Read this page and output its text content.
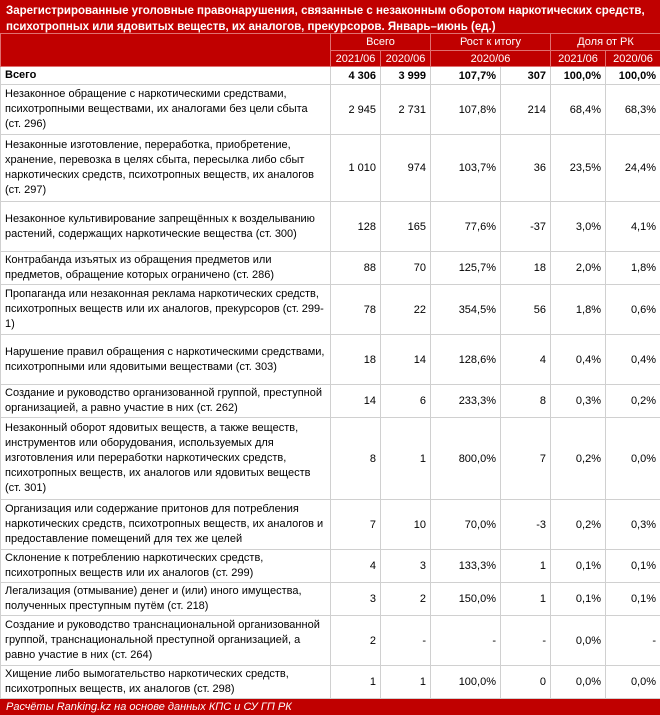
Зарегистрированные уголовные правонарушения, связанные с незаконным оборотом наркотических средств, психотропных или ядовитых веществ, их аналогов, прекурсоров. Январь–июнь (ед.)
	Всего		Рост к итогу		Доля от РК	
	2021/06	2020/06	2020/06		2021/06	2020/06
Всего	4 306	3 999	107,7%	307	100,0%	100,0%
Незаконное обращение с наркотическими средствами, психотропными веществами, их аналогами без цели сбыта (ст. 296)	2 945	2 731	107,8%	214	68,4%	68,3%
Незаконные изготовление, переработка, приобретение, хранение, перевозка в целях сбыта, пересылка либо сбыт наркотических средств, психотропных веществ, их аналогов (ст. 297)	1 010	974	103,7%	36	23,5%	24,4%
Незаконное культивирование запрещённых к возделыванию растений, содержащих наркотические вещества (ст. 300)	128	165	77,6%	-37	3,0%	4,1%
Контрабанда изъятых из обращения предметов или предметов, обращение которых ограничено (ст. 286)	88	70	125,7%	18	2,0%	1,8%
Пропаганда или незаконная реклама наркотических средств, психотропных веществ или их аналогов, прекурсоров (ст. 299-1)	78	22	354,5%	56	1,8%	0,6%
Нарушение правил обращения с наркотическими средствами, психотропными или ядовитыми веществами (ст. 303)	18	14	128,6%	4	0,4%	0,4%
Создание и руководство организованной группой, преступной организацией, а равно участие в них (ст. 262)	14	6	233,3%	8	0,3%	0,2%
Незаконный оборот ядовитых веществ, а также веществ, инструментов или оборудования, используемых для изготовления или переработки наркотических средств, психотропных веществ, их аналогов или ядовитых веществ (ст. 301)	8	1	800,0%	7	0,2%	0,0%
Организация или содержание притонов для потребления наркотических средств, психотропных веществ, их аналогов и предоставление помещений для тех же целей	7	10	70,0%	-3	0,2%	0,3%
Склонение к потреблению наркотических средств, психотропных веществ или их аналогов (ст. 299)	4	3	133,3%	1	0,1%	0,1%
Легализация (отмывание) денег и (или) иного имущества, полученных преступным путём (ст. 218)	3	2	150,0%	1	0,1%	0,1%
Создание и руководство транснациональной организованной группой, транснациональной преступной организацией, а равно участие в них (ст. 264)	2	-	-	-	0,0%	-
Хищение либо вымогательство наркотических средств, психотропных веществ, их аналогов (ст. 298)	1	1	100,0%	0	0,0%	0,0%
Расчёты Ranking.kz на основе данных КПС и СУ ГП РК
